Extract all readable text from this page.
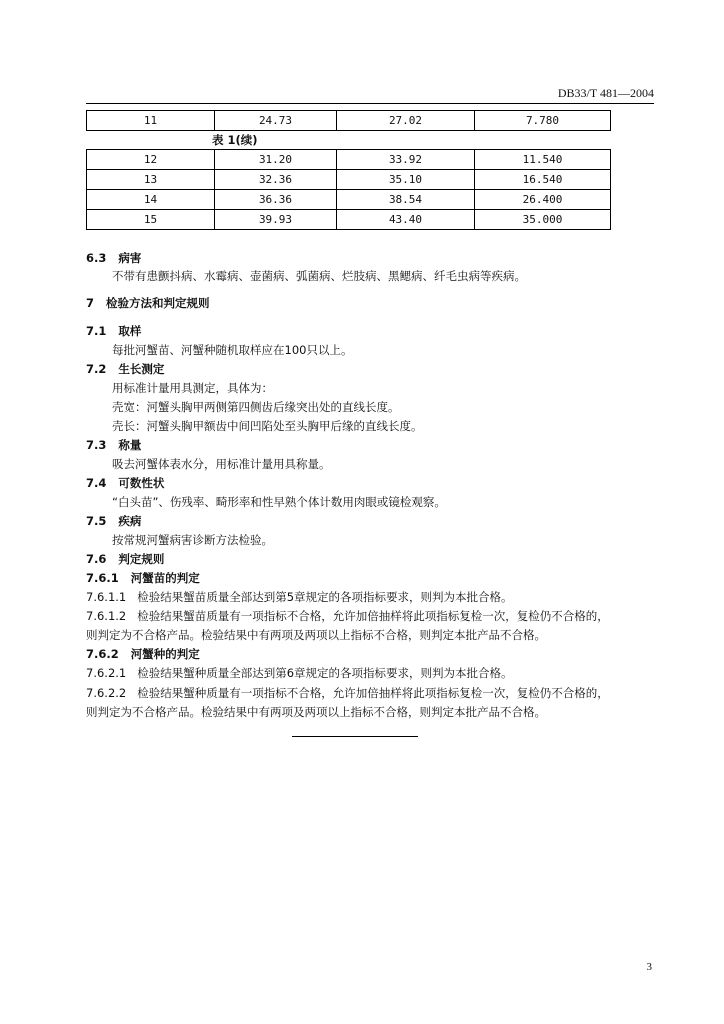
DB33/T 481—2004
11	24.73	27.02	7.780
表 1(续)
12	31.20	33.92	11.540
13	32.36	35.10	16.540
14	36.36	38.54	26.400
15	39.93	43.40	35.000
6.3 病害
不带有患颤抖病、水霉病、壶菌病、弧菌病、烂肢病、黑鳃病、纤毛虫病等疾病。
7 检验方法和判定规则
7.1 取样
每批河蟹苗、河蟹种随机取样应在100只以上。
7.2 生长测定
用标准计量用具测定，具体为：
壳宽：河蟹头胸甲两侧第四侧齿后缘突出处的直线长度。
壳长：河蟹头胸甲额齿中间凹陷处至头胸甲后缘的直线长度。
7.3 称量
吸去河蟹体表水分，用标准计量用具称量。
7.4 可数性状
“白头苗”、伤残率、畸形率和性早熟个体计数用肉眼或镜检观察。
7.5 疾病
按常规河蟹病害诊断方法检验。
7.6 判定规则
7.6.1 河蟹苗的判定
7.6.1.1 检验结果蟹苗质量全部达到第5章规定的各项指标要求，则判为本批合格。
7.6.1.2 检验结果蟹苗质量有一项指标不合格，允许加倍抽样将此项指标复检一次，复检仍不合格的，
则判定为不合格产品。检验结果中有两项及两项以上指标不合格，则判定本批产品不合格。
7.6.2 河蟹种的判定
7.6.2.1 检验结果蟹种质量全部达到第6章规定的各项指标要求，则判为本批合格。
7.6.2.2 检验结果蟹种质量有一项指标不合格，允许加倍抽样将此项指标复检一次，复检仍不合格的，
则判定为不合格产品。检验结果中有两项及两项以上指标不合格，则判定本批产品不合格。
3
